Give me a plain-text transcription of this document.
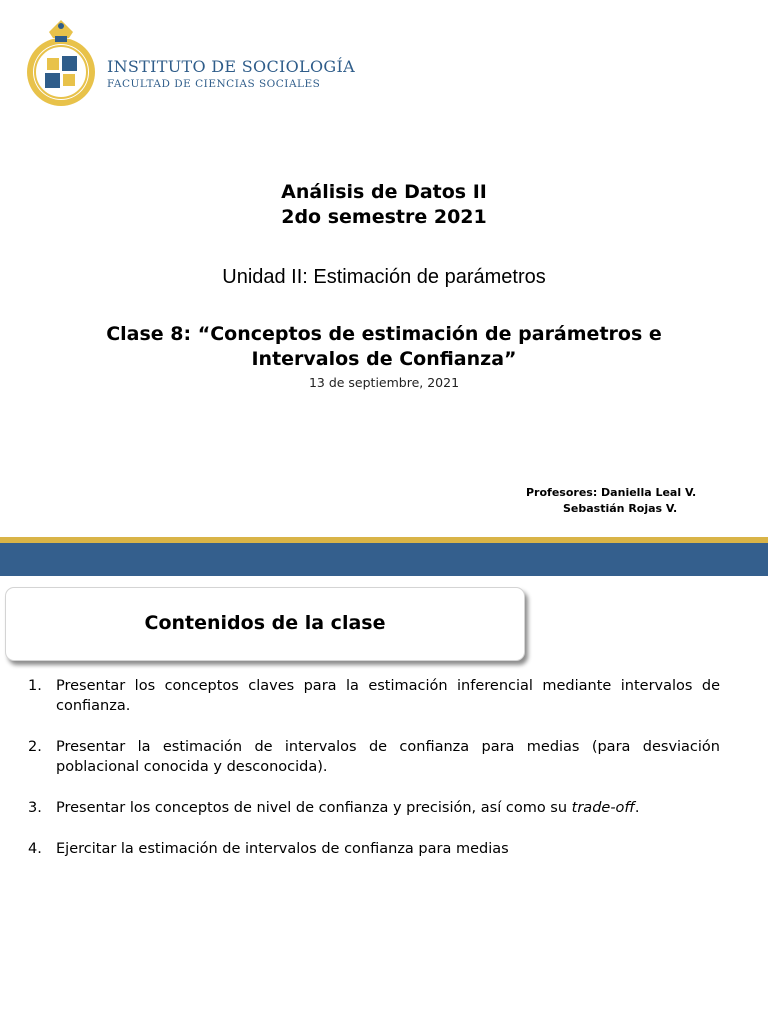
INSTITUTO DE SOCIOLOGÍA
FACULTAD DE CIENCIAS SOCIALES
Análisis de Datos II
2do semestre 2021
Unidad II: Estimación de parámetros
Clase 8: “Conceptos de estimación de parámetros e
Intervalos de Confianza”
13 de septiembre, 2021
Profesores: Daniella Leal V.
Sebastián Rojas V.
Contenidos de la clase
1. Presentar los conceptos claves para la estimación inferencial mediante intervalos de confianza.
2. Presentar la estimación de intervalos de confianza para medias (para desviación poblacional conocida y desconocida).
3. Presentar los conceptos de nivel de confianza y precisión, así como su trade-off.
4. Ejercitar la estimación de intervalos de confianza para medias
